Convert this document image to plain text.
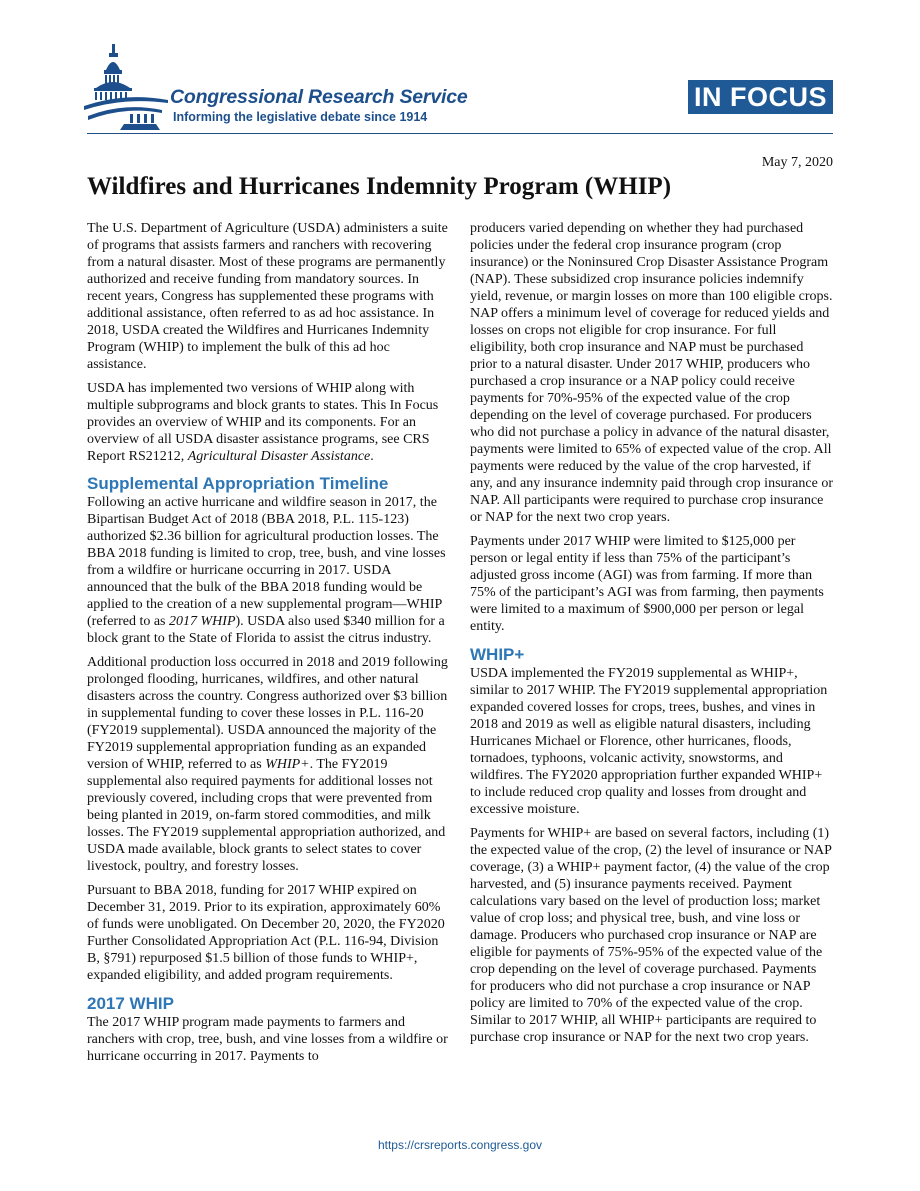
Congressional Research Service
Informing the legislative debate since 1914
IN FOCUS
May 7, 2020
Wildfires and Hurricanes Indemnity Program (WHIP)

The U.S. Department of Agriculture (USDA) administers a suite of programs that assists farmers and ranchers with recovering from a natural disaster. Most of these programs are permanently authorized and receive funding from mandatory sources. In recent years, Congress has supplemented these programs with additional assistance, often referred to as ad hoc assistance. In 2018, USDA created the Wildfires and Hurricanes Indemnity Program (WHIP) to implement the bulk of this ad hoc assistance.

USDA has implemented two versions of WHIP along with multiple subprograms and block grants to states. This In Focus provides an overview of WHIP and its components. For an overview of all USDA disaster assistance programs, see CRS Report RS21212, Agricultural Disaster Assistance.

Supplemental Appropriation Timeline

Following an active hurricane and wildfire season in 2017, the Bipartisan Budget Act of 2018 (BBA 2018, P.L. 115-123) authorized $2.36 billion for agricultural production losses. The BBA 2018 funding is limited to crop, tree, bush, and vine losses from a wildfire or hurricane occurring in 2017. USDA announced that the bulk of the BBA 2018 funding would be applied to the creation of a new supplemental program—WHIP (referred to as 2017 WHIP). USDA also used $340 million for a block grant to the State of Florida to assist the citrus industry.

Additional production loss occurred in 2018 and 2019 following prolonged flooding, hurricanes, wildfires, and other natural disasters across the country. Congress authorized over $3 billion in supplemental funding to cover these losses in P.L. 116-20 (FY2019 supplemental). USDA announced the majority of the FY2019 supplemental appropriation funding as an expanded version of WHIP, referred to as WHIP+. The FY2019 supplemental also required payments for additional losses not previously covered, including crops that were prevented from being planted in 2019, on-farm stored commodities, and milk losses. The FY2019 supplemental appropriation authorized, and USDA made available, block grants to select states to cover livestock, poultry, and forestry losses.

Pursuant to BBA 2018, funding for 2017 WHIP expired on December 31, 2019. Prior to its expiration, approximately 60% of funds were unobligated. On December 20, 2020, the FY2020 Further Consolidated Appropriation Act (P.L. 116-94, Division B, §791) repurposed $1.5 billion of those funds to WHIP+, expanded eligibility, and added program requirements.

2017 WHIP

The 2017 WHIP program made payments to farmers and ranchers with crop, tree, bush, and vine losses from a wildfire or hurricane occurring in 2017. Payments to

producers varied depending on whether they had purchased policies under the federal crop insurance program (crop insurance) or the Noninsured Crop Disaster Assistance Program (NAP). These subsidized crop insurance policies indemnify yield, revenue, or margin losses on more than 100 eligible crops. NAP offers a minimum level of coverage for reduced yields and losses on crops not eligible for crop insurance. For full eligibility, both crop insurance and NAP must be purchased prior to a natural disaster. Under 2017 WHIP, producers who purchased a crop insurance or a NAP policy could receive payments for 70%-95% of the expected value of the crop depending on the level of coverage purchased. For producers who did not purchase a policy in advance of the natural disaster, payments were limited to 65% of expected value of the crop. All payments were reduced by the value of the crop harvested, if any, and any insurance indemnity paid through crop insurance or NAP. All participants were required to purchase crop insurance or NAP for the next two crop years.

Payments under 2017 WHIP were limited to $125,000 per person or legal entity if less than 75% of the participant’s adjusted gross income (AGI) was from farming. If more than 75% of the participant’s AGI was from farming, then payments were limited to a maximum of $900,000 per person or legal entity.

WHIP+

USDA implemented the FY2019 supplemental as WHIP+, similar to 2017 WHIP. The FY2019 supplemental appropriation expanded covered losses for crops, trees, bushes, and vines in 2018 and 2019 as well as eligible natural disasters, including Hurricanes Michael or Florence, other hurricanes, floods, tornadoes, typhoons, volcanic activity, snowstorms, and wildfires. The FY2020 appropriation further expanded WHIP+ to include reduced crop quality and losses from drought and excessive moisture.

Payments for WHIP+ are based on several factors, including (1) the expected value of the crop, (2) the level of insurance or NAP coverage, (3) a WHIP+ payment factor, (4) the value of the crop harvested, and (5) insurance payments received. Payment calculations vary based on the level of production loss; market value of crop loss; and physical tree, bush, and vine loss or damage. Producers who purchased crop insurance or NAP are eligible for payments of 75%-95% of the expected value of the crop depending on the level of coverage purchased. Payments for producers who did not purchase a crop insurance or NAP policy are limited to 70% of the expected value of the crop. Similar to 2017 WHIP, all WHIP+ participants are required to purchase crop insurance or NAP for the next two crop years.

https://crsreports.congress.gov
